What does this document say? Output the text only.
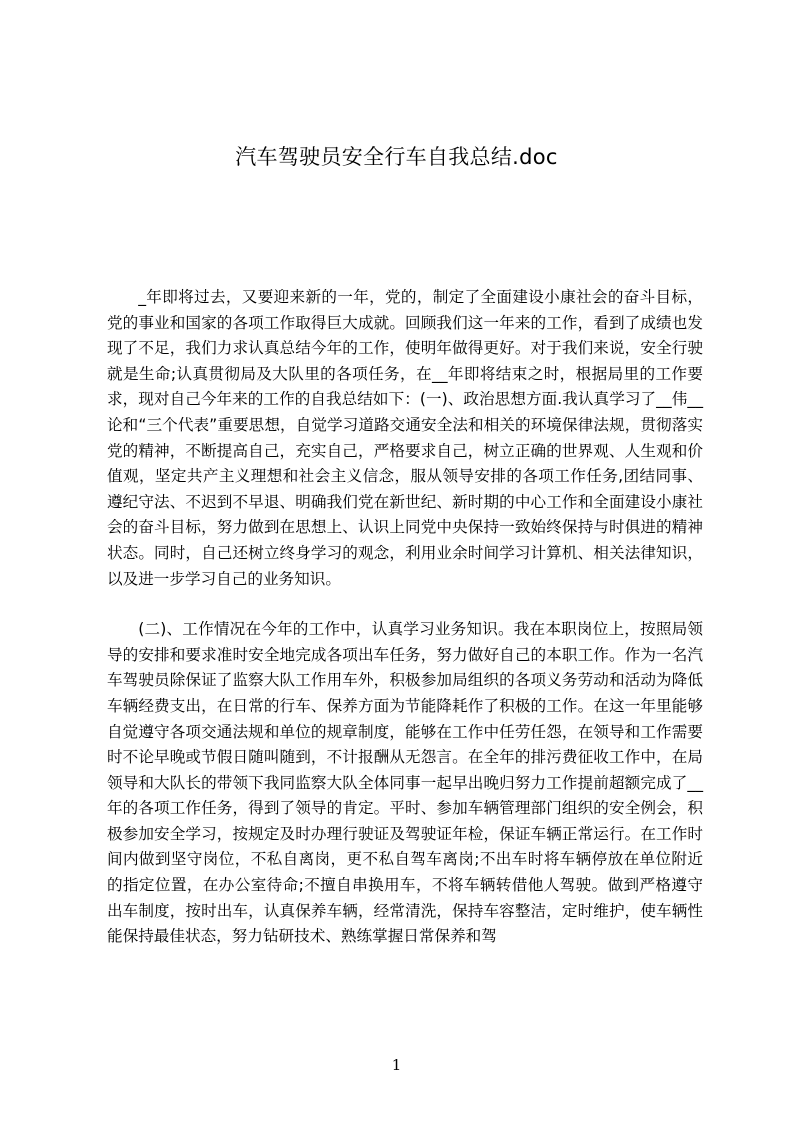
汽车驾驶员安全行车自我总结.doc

_年即将过去，又要迎来新的一年，党的，制定了全面建设小康社会的奋斗目标，党的事业和国家的各项工作取得巨大成就。回顾我们这一年来的工作，看到了成绩也发现了不足，我们力求认真总结今年的工作，使明年做得更好。对于我们来说，安全行驶就是生命;认真贯彻局及大队里的各项任务，在__年即将结束之时，根据局里的工作要求，现对自己今年来的工作的自我总结如下：(一)、政治思想方面.我认真学习了__伟__论和“三个代表”重要思想，自觉学习道路交通安全法和相关的环境保律法规，贯彻落实党的精神，不断提高自己，充实自己，严格要求自己，树立正确的世界观、人生观和价值观，坚定共产主义理想和社会主义信念，服从领导安排的各项工作任务,团结同事、遵纪守法、不迟到不早退、明确我们党在新世纪、新时期的中心工作和全面建设小康社会的奋斗目标，努力做到在思想上、认识上同党中央保持一致始终保持与时俱进的精神状态。同时，自己还树立终身学习的观念，利用业余时间学习计算机、相关法律知识，以及进一步学习自己的业务知识。

(二)、工作情况在今年的工作中，认真学习业务知识。我在本职岗位上，按照局领导的安排和要求准时安全地完成各项出车任务，努力做好自己的本职工作。作为一名汽车驾驶员除保证了监察大队工作用车外，积极参加局组织的各项义务劳动和活动为降低车辆经费支出，在日常的行车、保养方面为节能降耗作了积极的工作。在这一年里能够自觉遵守各项交通法规和单位的规章制度，能够在工作中任劳任怨，在领导和工作需要时不论早晚或节假日随叫随到，不计报酬从无怨言。在全年的排污费征收工作中，在局领导和大队长的带领下我同监察大队全体同事一起早出晚归努力工作提前超额完成了__年的各项工作任务，得到了领导的肯定。平时、参加车辆管理部门组织的安全例会，积极参加安全学习，按规定及时办理行驶证及驾驶证年检，保证车辆正常运行。在工作时间内做到坚守岗位，不私自离岗，更不私自驾车离岗;不出车时将车辆停放在单位附近的指定位置，在办公室待命;不擅自串换用车，不将车辆转借他人驾驶。做到严格遵守出车制度，按时出车，认真保养车辆，经常清洗，保持车容整洁，定时维护，使车辆性能保持最佳状态，努力钻研技术、熟练掌握日常保养和驾

1
